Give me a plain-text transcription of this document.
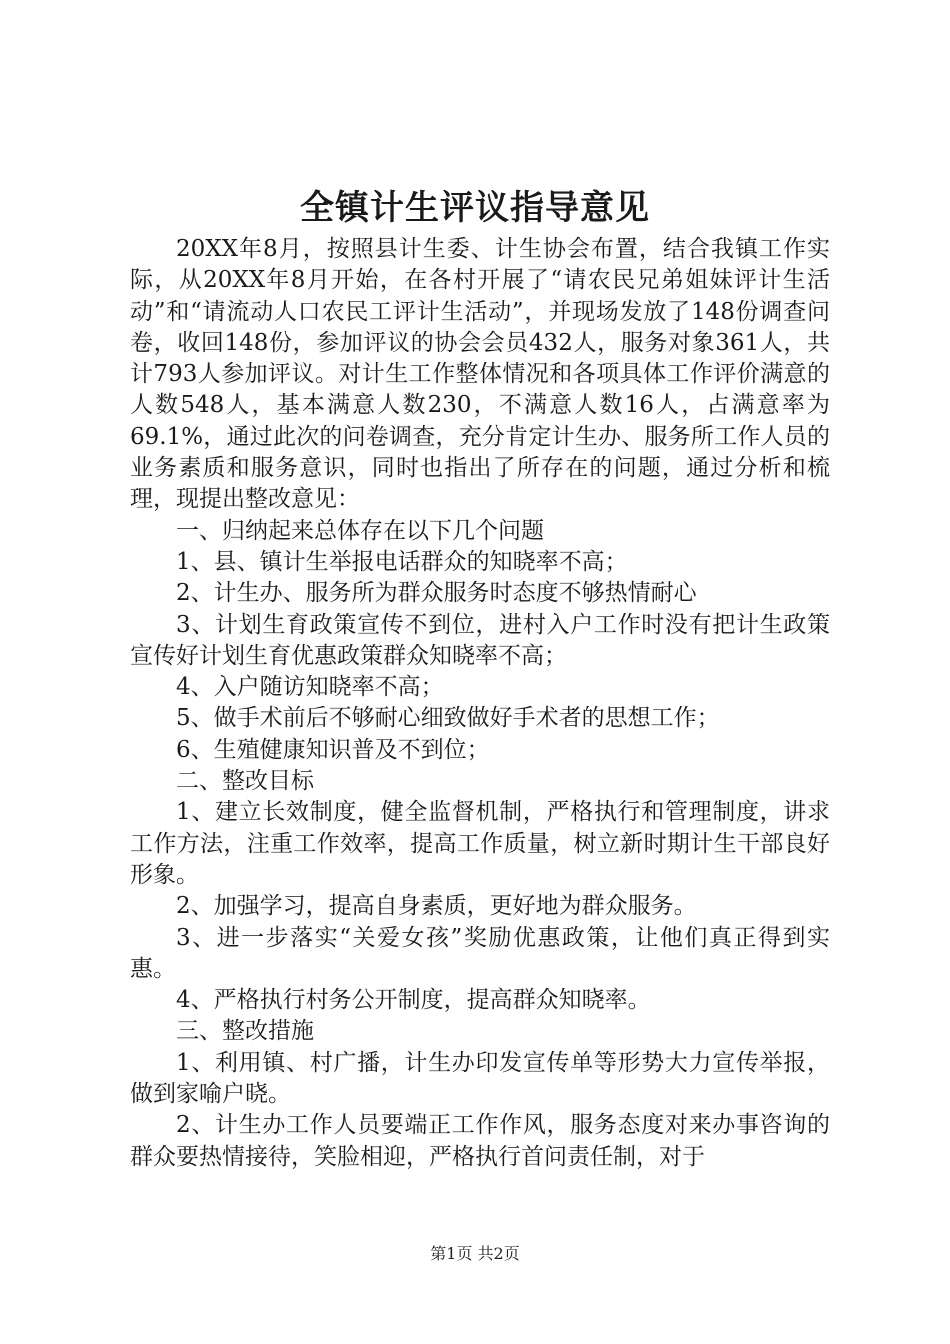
全镇计生评议指导意见

20XX年8月，按照县计生委、计生协会布置，结合我镇工作实际，从20XX年8月开始，在各村开展了“请农民兄弟姐妹评计生活动”和“请流动人口农民工评计生活动”，并现场发放了148份调查问卷，收回148份，参加评议的协会会员432人，服务对象361人，共计793人参加评议。对计生工作整体情况和各项具体工作评价满意的人数548人，基本满意人数230，不满意人数16人，占满意率为69.1%，通过此次的问卷调查，充分肯定计生办、服务所工作人员的业务素质和服务意识，同时也指出了所存在的问题，通过分析和梳理，现提出整改意见：

一、归纳起来总体存在以下几个问题

1、县、镇计生举报电话群众的知晓率不高；

2、计生办、服务所为群众服务时态度不够热情耐心

3、计划生育政策宣传不到位，进村入户工作时没有把计生政策宣传好计划生育优惠政策群众知晓率不高；

4、入户随访知晓率不高；

5、做手术前后不够耐心细致做好手术者的思想工作；

6、生殖健康知识普及不到位；

二、整改目标

1、建立长效制度，健全监督机制，严格执行和管理制度，讲求工作方法，注重工作效率，提高工作质量，树立新时期计生干部良好形象。

2、加强学习，提高自身素质，更好地为群众服务。

3、进一步落实“关爱女孩”奖励优惠政策，让他们真正得到实惠。

4、严格执行村务公开制度，提高群众知晓率。

三、整改措施

1、利用镇、村广播，计生办印发宣传单等形势大力宣传举报，做到家喻户晓。

2、计生办工作人员要端正工作作风，服务态度对来办事咨询的群众要热情接待，笑脸相迎，严格执行首问责任制，对于

第1页 共2页
